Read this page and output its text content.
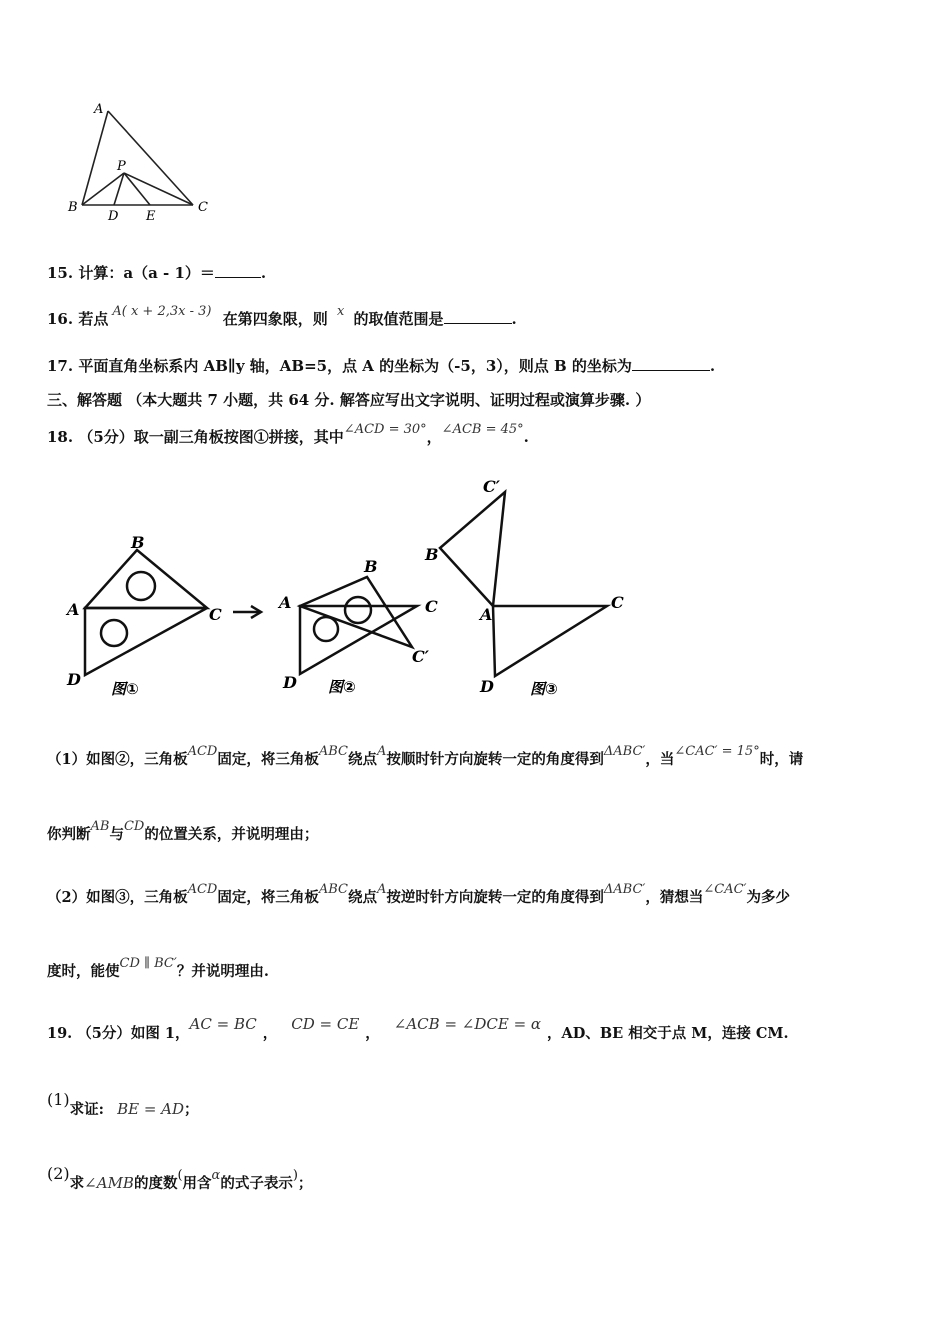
A
P
B
D E
C
15. 计算：a（a - 1）＝	.
16. 若点 A( x + 2,3x - 3) 在第四象限，则 x 的取值范围是	.
17. 平面直角坐标系内 AB∥y 轴，AB=5，点 A 的坐标为（-5，3），则点 B 的坐标为	.
三、解答题 （本大题共 7 小题，共 64 分. 解答应写出文字说明、证明过程或演算步骤. ）
18. （5分）取一副三角板按图①拼接，其中∠ACD = 30°，∠ACB = 45°.
B
A	C
D 图①
B
A	C
C′
D 图②
C′
B
A
C
D 图③
（1）如图②，三角板ACD固定，将三角板ABC绕点A按顺时针方向旋转一定的角度得到ΔABC′，当∠CAC′ = 15°时，请
你判断AB与CD的位置关系，并说明理由；
（2）如图③，三角板ACD固定，将三角板ABC绕点A按逆时针方向旋转一定的角度得到ΔABC′，猜想当∠CAC′为多少
度时，能使CD ∥ BC′？并说明理由.
19. （5分）如图 1，AC = BC，CD = CE，∠ACB = ∠DCE = α，AD、BE 相交于点 M，连接 CM.
(1)求证: BE = AD；
(2)求∠AMB的度数(用含α的式子表示)；
